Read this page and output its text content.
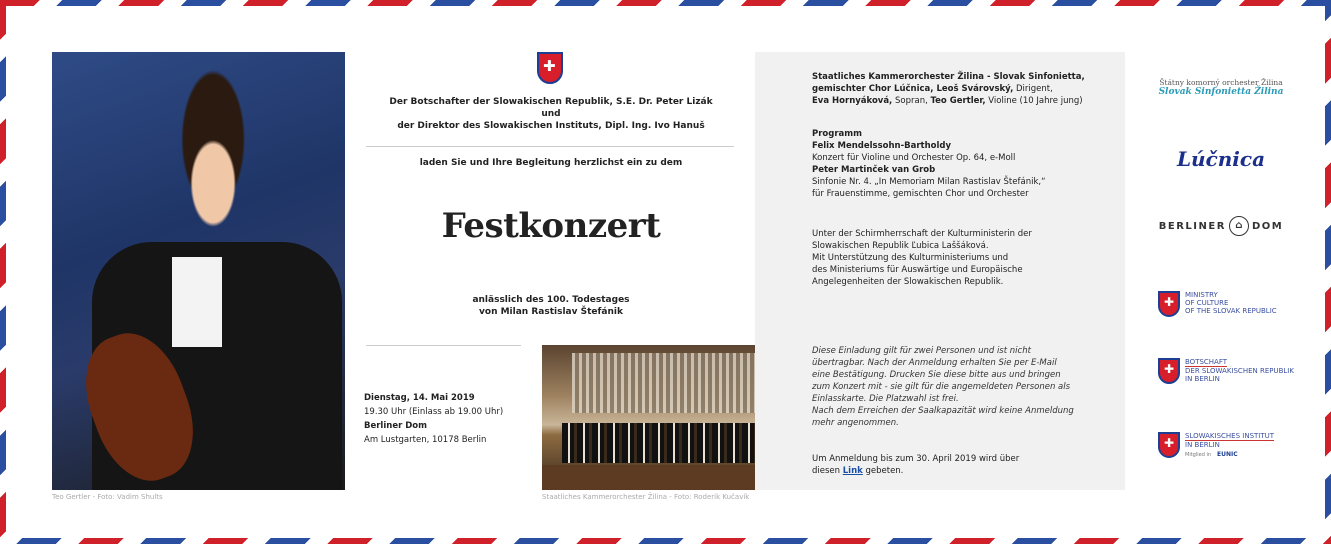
Teo Gertler - Foto: Vadim Shults
✚
Der Botschafter der Slowakischen Republik, S.E. Dr. Peter Lizák
und
der Direktor des Slowakischen Instituts, Dipl. Ing. Ivo Hanuš
laden Sie und Ihre Begleitung herzlichst ein zu dem
Festkonzert
anlässlich des 100. Todestages
von Milan Rastislav Štefánik
Dienstag, 14. Mai 2019
19.30 Uhr (Einlass ab 19.00 Uhr)
Berliner Dom
Am Lustgarten, 10178 Berlin
Staatliches Kammerorchester Žilina - Foto: Roderik Kučavík
Staatliches Kammerorchester Žilina - Slovak Sinfonietta,
gemischter Chor Lúčnica, Leoš Svárovský, Dirigent,
Eva Hornyáková, Sopran, Teo Gertler, Violine (10 Jahre jung)
Programm
Felix Mendelssohn-Bartholdy
Konzert für Violine und Orchester Op. 64, e-Moll
Peter Martinček van Grob
Sinfonie Nr. 4. „In Memoriam Milan Rastislav Štefánik,“
für Frauenstimme, gemischten Chor und Orchester
Unter der Schirmherrschaft der Kulturministerin der
Slowakischen Republik Ľubica Laššáková.
Mit Unterstützung des Kulturministeriums und
des Ministeriums für Auswärtige und Europäische
Angelegenheiten der Slowakischen Republik.
Diese Einladung gilt für zwei Personen und ist nicht
übertragbar. Nach der Anmeldung erhalten Sie per E-Mail
eine Bestätigung. Drucken Sie diese bitte aus und bringen
zum Konzert mit - sie gilt für die angemeldeten Personen als
Einlasskarte. Die Platzwahl ist frei.
Nach dem Erreichen der Saalkapazität wird keine Anmeldung
mehr angenommen.
Um Anmeldung bis zum 30. April 2019 wird über
diesen Link gebeten.
Štátny komorný orchester Žilina
Slovak Sinfonietta Žilina
Lúčnica
BERLINER ⌂ DOM
✚
MINISTRY
OF CULTURE
OF THE SLOVAK REPUBLIC
✚
BOTSCHAFT
DER SLOWAKISCHEN REPUBLIK
IN BERLIN
✚
SLOWAKISCHES INSTITUT
IN BERLIN
Mitglied in EUNIC
